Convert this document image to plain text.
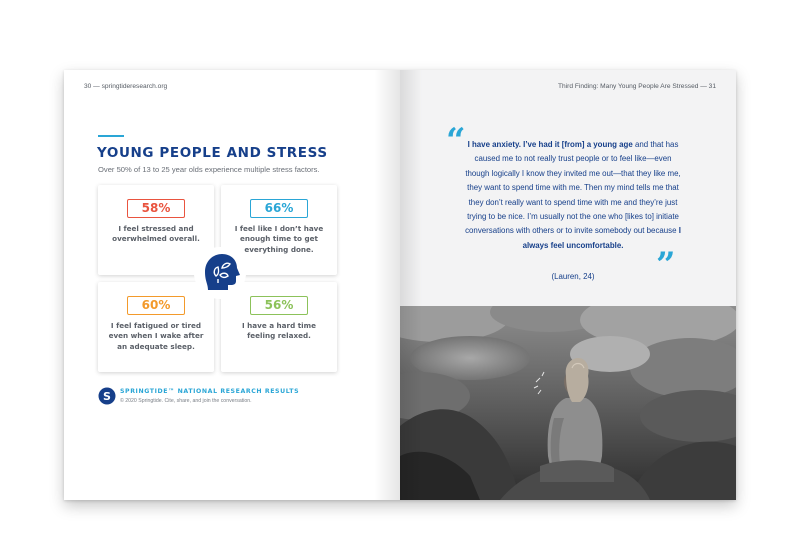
30 — springtideresearch.org
YOUNG PEOPLE AND STRESS
Over 50% of 13 to 25 year olds experience multiple stress factors.
58%
I feel stressed and overwhelmed overall.
66%
I feel like I don’t have enough time to get everything done.
60%
I feel fatigued or tired even when I wake after an adequate sleep.
56%
I have a hard time feeling relaxed.
S SPRINGTIDE™ NATIONAL RESEARCH RESULTS
© 2020 Springtide. Cite, share, and join the conversation.
Third Finding: Many Young People Are Stressed — 31
“ I have anxiety. I’ve had it [from] a young age and that has caused me to not really trust people or to feel like—even though logically I know they invited me out—that they like me, they want to spend time with me. Then my mind tells me that they don’t really want to spend time with me and they’re just trying to be nice. I’m usually not the one who [likes to] initiate conversations with others or to invite somebody out because I always feel uncomfortable. ”
(Lauren, 24)
